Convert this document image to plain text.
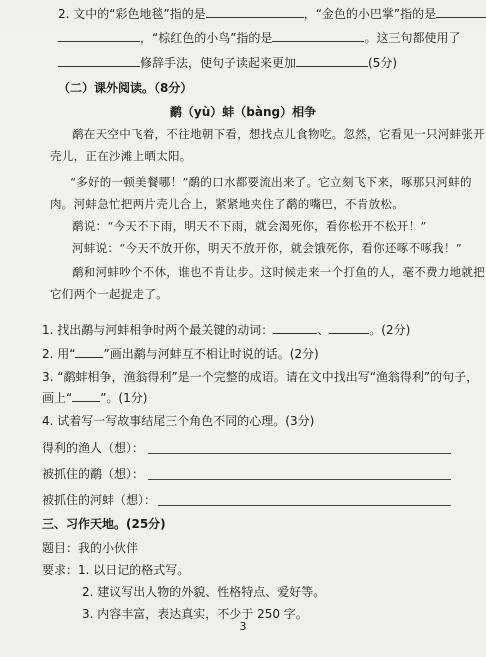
2. 文中的“彩色地毯”指的是	，“金色的小巴掌”指的是
，“棕红色的小鸟”指的是	。这三句都使用了
修辞手法，使句子读起来更加	(5分)
（二）课外阅读。（8分）
鹬（yù）蚌（bàng）相争
鹬在天空中飞着，不往地朝下看，想找点儿食物吃。忽然，它看见一只河蚌张开
壳儿，正在沙滩上晒太阳。
“多好的一顿美餐哪！”鹬的口水都要流出来了。它立刻飞下来，啄那只河蚌的
肉。河蚌急忙把两片壳儿合上，紧紧地夹住了鹬的嘴巴，不肯放松。
鹬说：“今天不下雨，明天不下雨，就会渴死你，看你松开不松开！”
河蚌说：“今天不放开你，明天不放开你，就会饿死你，看你还啄不啄我！”
鹬和河蚌吵个不休，谁也不肯让步。这时候走来一个打鱼的人，毫不费力地就把
它们两个一起捉走了。
1. 找出鹬与河蚌相争时两个最关键的动词：	、	。(2分)
2. 用“ ”画出鹬与河蚌互不相让时说的话。(2分)
3. “鹬蚌相争，渔翁得利”是一个完整的成语。请在文中找出写“渔翁得利”的句子，
画上“ ”。(1分)
4. 试着写一写故事结尾三个角色不同的心理。(3分)
得利的渔人（想）：
被抓住的鹬（想）：
被抓住的河蚌（想）：
三、习作天地。(25分)
题目：我的小伙伴
要求：1. 以日记的格式写。
2. 建议写出人物的外貌、性格特点、爱好等。
3. 内容丰富，表达真实，不少于 250 字。
3
